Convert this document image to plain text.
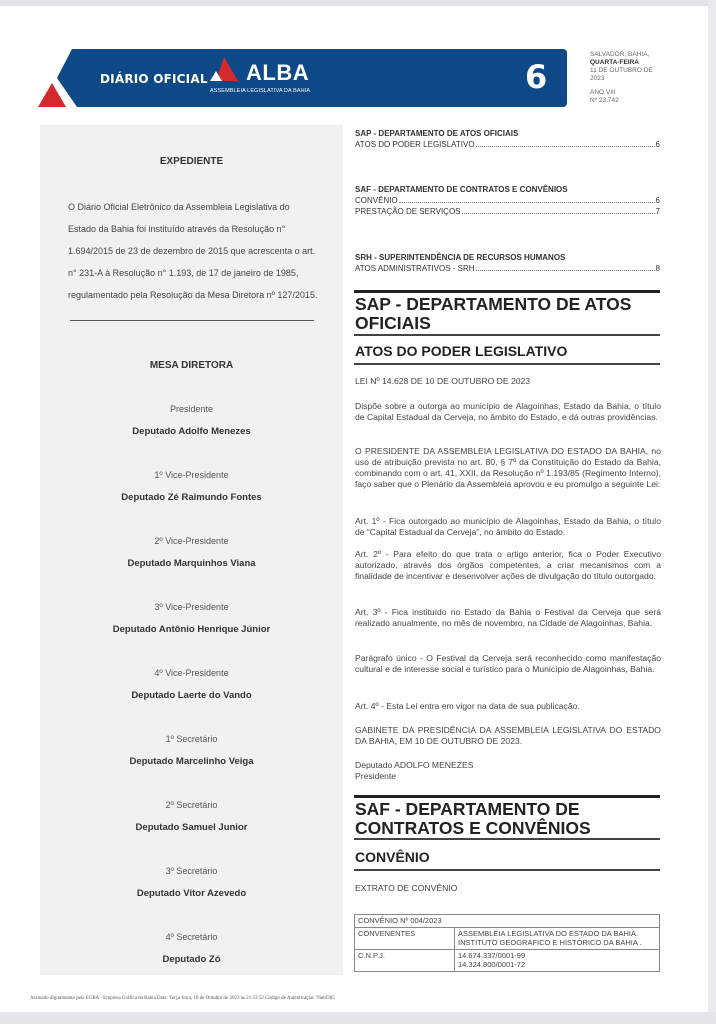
DIÁRIO OFICIAL ALBA
ASSEMBLEIA LEGISLATIVA DA BAHIA	6
SALVADOR, BAHIA,
QUARTA-FEIRA
11 DE OUTUBRO DE
2023
ANO VIII
Nº 23.742
EXPEDIENTE
O Diário Oficial Eletrônico da Assembleia Legislativa do Estado da Bahia foi instituído através da Resolução n° 1.694/2015 de 23 de dezembro de 2015 que acrescenta o art. n° 231-A à Resolução n° 1.193, de 17 de janeiro de 1985, regulamentado pela Resolução da Mesa Diretora nº 127/2015.
MESA DIRETORA
Presidente
Deputado Adolfo Menezes
1º Vice-Presidente
Deputado Zé Raimundo Fontes
2º Vice-Presidente
Deputado Marquinhos Viana
3º Vice-Presidente
Deputado Antônio Henrique Júnior
4º Vice-Presidente
Deputado Laerte do Vando
1º Secretário
Deputado Marcelinho Veiga
2º Secretário
Deputado Samuel Junior
3º Secretário
Deputado Vitor Azevedo
4º Secretário
Deputado Zó
SAP - DEPARTAMENTO DE ATOS OFICIAIS
ATOS DO PODER LEGISLATIVO	6
SAF - DEPARTAMENTO DE CONTRATOS E CONVÊNIOS
CONVÊNIO	6
PRESTAÇÃO DE SERVIÇOS	7
SRH - SUPERINTENDÊNCIA DE RECURSOS HUMANOS
ATOS ADMINISTRATIVOS - SRH	8
SAP - DEPARTAMENTO DE ATOS OFICIAIS
ATOS DO PODER LEGISLATIVO
LEI Nº 14.628 DE 10 DE OUTUBRO DE 2023
Dispõe sobre a outorga ao município de Alagoinhas, Estado da Bahia, o título de Capital Estadual da Cerveja, no âmbito do Estado, e dá outras providências.
O PRESIDENTE DA ASSEMBLEIA LEGISLATIVA DO ESTADO DA BAHIA, no uso de atribuição prevista no art. 80, § 7º da Constituição do Estado da Bahia, combinando com o art. 41, XXII, da Resolução nº 1.193/85 (Regimento Interno), faço saber que o Plenário da Assembleia aprovou e eu promulgo a seguinte Lei:
Art. 1º - Fica outorgado ao município de Alagoinhas, Estado da Bahia, o título de “Capital Estadual da Cerveja”, no âmbito do Estado.
Art. 2º - Para efeito do que trata o artigo anterior, fica o Poder Executivo autorizado, através dos órgãos competentes, a criar mecanismos com a finalidade de incentivar e desenvolver ações de divulgação do título outorgado.
Art. 3º - Fica instituído no Estado da Bahia o Festival da Cerveja que será realizado anualmente, no mês de novembro, na Cidade de Alagoinhas, Bahia.
Parágrafo único - O Festival da Cerveja será reconhecido como manifestação cultural e de interesse social e turístico para o Município de Alagoinhas, Bahia.
Art. 4º - Esta Lei entra em vigor na data de sua publicação.
GABINETE DA PRESIDÊNCIA DA ASSEMBLEIA LEGISLATIVA DO ESTADO DA BAHIA, EM 10 DE OUTUBRO DE 2023.
Deputado ADOLFO MENEZES
Presidente
SAF - DEPARTAMENTO DE CONTRATOS E CONVÊNIOS
CONVÊNIO
EXTRATO DE CONVÊNIO
CONVÊNIO Nº 004/2023	
CONVENENTES	ASSEMBLÉIA LEGISLATIVA DO ESTADO DA BAHIA.
INSTITUTO GEOGRAFICO E HISTÓRICO DA BAHIA .

C.N.P.J.	14.674.337/0001-99
14.324.800/0001-72
Assinado digitalmente pela EGBA - Empresa Gráfica da Bahia Data: Terça-feira, 10 de Outubro de 2023 às 21:53:52 Código de Autenticação: 76ebf305
